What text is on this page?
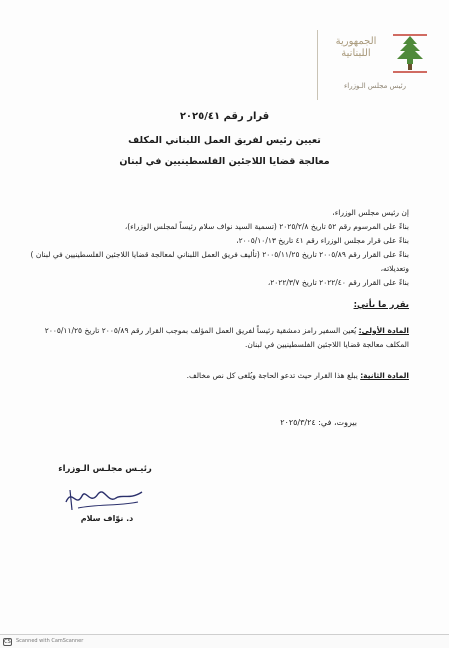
الجمهورية
اللبنانية
رئيس مجلس الـوزراء
قرار رقم ٢٠٢٥/٤١
تعيين رئيس لفريق العمل اللبناني المكلف
معالجة قضايا اللاجئين الفلسطينيين في لبنان
إن رئيس مجلس الوزراء،
بناءً على المرسوم رقم ٥٢ تاريخ ٢٠٢٥/٢/٨ (تسمية السيد نواف سلام رئيساً لمجلس الوزراء)،
بناءً على قرار مجلس الوزراء رقم ٤١ تاريخ ٢٠٠٥/١٠/١٣،
بناءً على القرار رقم ٢٠٠٥/٨٩ تاريخ ٢٠٠٥/١١/٢٥ (تأليف فريق العمل اللبناني لمعالجة قضايا اللاجئين الفلسطينيين في لبنان ) وتعديلاته،
بناءً على القرار رقم ٢٠٢٢/٤٠ تاريخ ٢٠٢٢/٣/٧،
يقرر ما يأتي:
المادة الأولى: يُعين السفير رامز دمشقية رئيساً لفريق العمل المؤلف بموجب القرار رقم ٢٠٠٥/٨٩ تاريخ ٢٠٠٥/١١/٢٥ المكلف معالجة قضايا اللاجئين الفلسطينيين في لبنان.
المادة الثانية: يبلغ هذا القرار حيث تدعو الحاجة ويُلغى كل نص مخالف.
بيروت، في: ٢٠٢٥/٣/٢٤
رئيـس مجلـس الـوزراء
د. نوّاف سلام
CS Scanned with CamScanner
